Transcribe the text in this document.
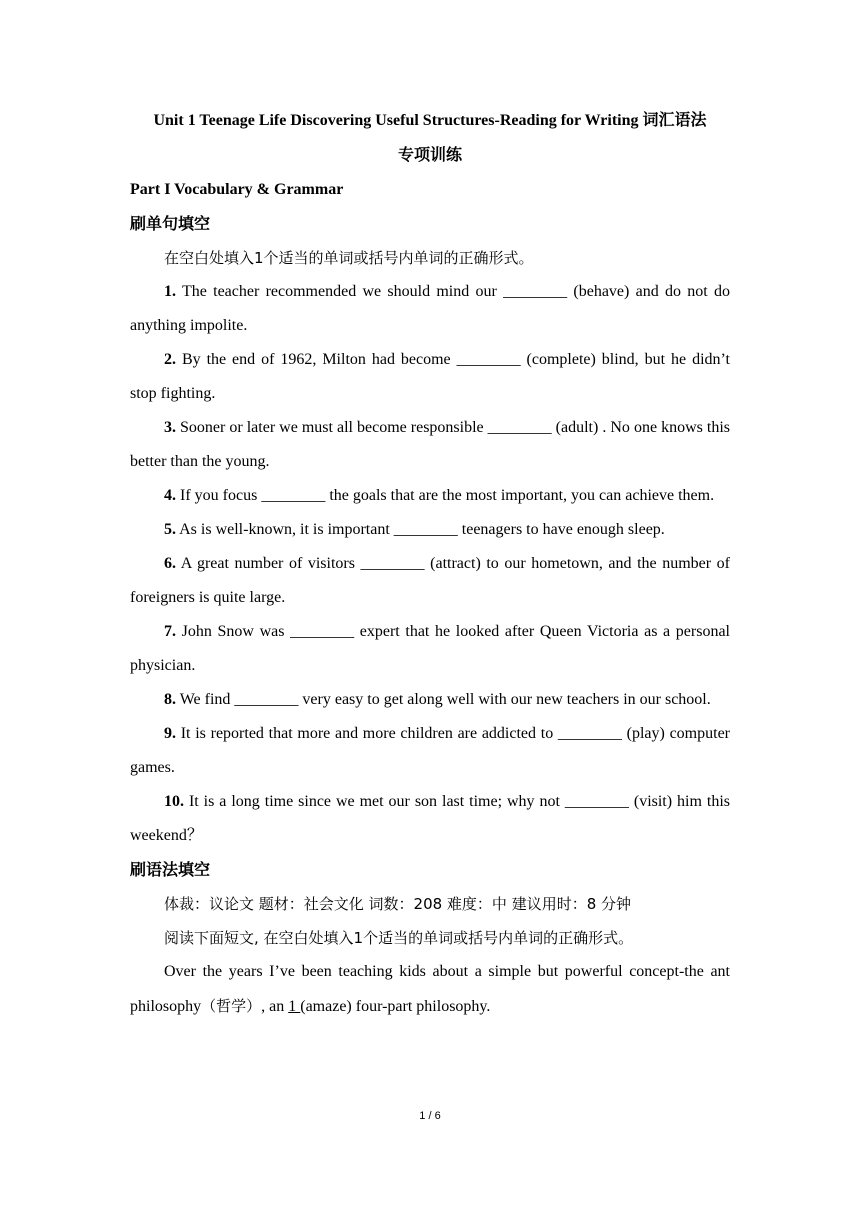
Unit 1 Teenage Life Discovering Useful Structures-Reading for Writing 词汇语法
专项训练
Part I Vocabulary & Grammar
刷单句填空
在空白处填入1个适当的单词或括号内单词的正确形式。
1. The teacher recommended we should mind our ________ (behave) and do not do anything impolite.
2. By the end of 1962, Milton had become ________ (complete) blind, but he didn’t stop fighting.
3. Sooner or later we must all become responsible ________ (adult) . No one knows this better than the young.
4. If you focus ________ the goals that are the most important, you can achieve them.
5. As is well-known, it is important ________ teenagers to have enough sleep.
6. A great number of visitors ________ (attract) to our hometown, and the number of foreigners is quite large.
7. John Snow was ________ expert that he looked after Queen Victoria as a personal physician.
8. We find ________ very easy to get along well with our new teachers in our school.
9. It is reported that more and more children are addicted to ________ (play) computer games.
10. It is a long time since we met our son last time; why not ________ (visit) him this weekend？
刷语法填空
体裁：议论文 题材：社会文化 词数：208 难度：中 建议用时：8 分钟
阅读下面短文, 在空白处填入1个适当的单词或括号内单词的正确形式。
Over the years I’ve been teaching kids about a simple but powerful concept-the ant philosophy（哲学）, an 1 (amaze) four-part philosophy.
1 / 6
